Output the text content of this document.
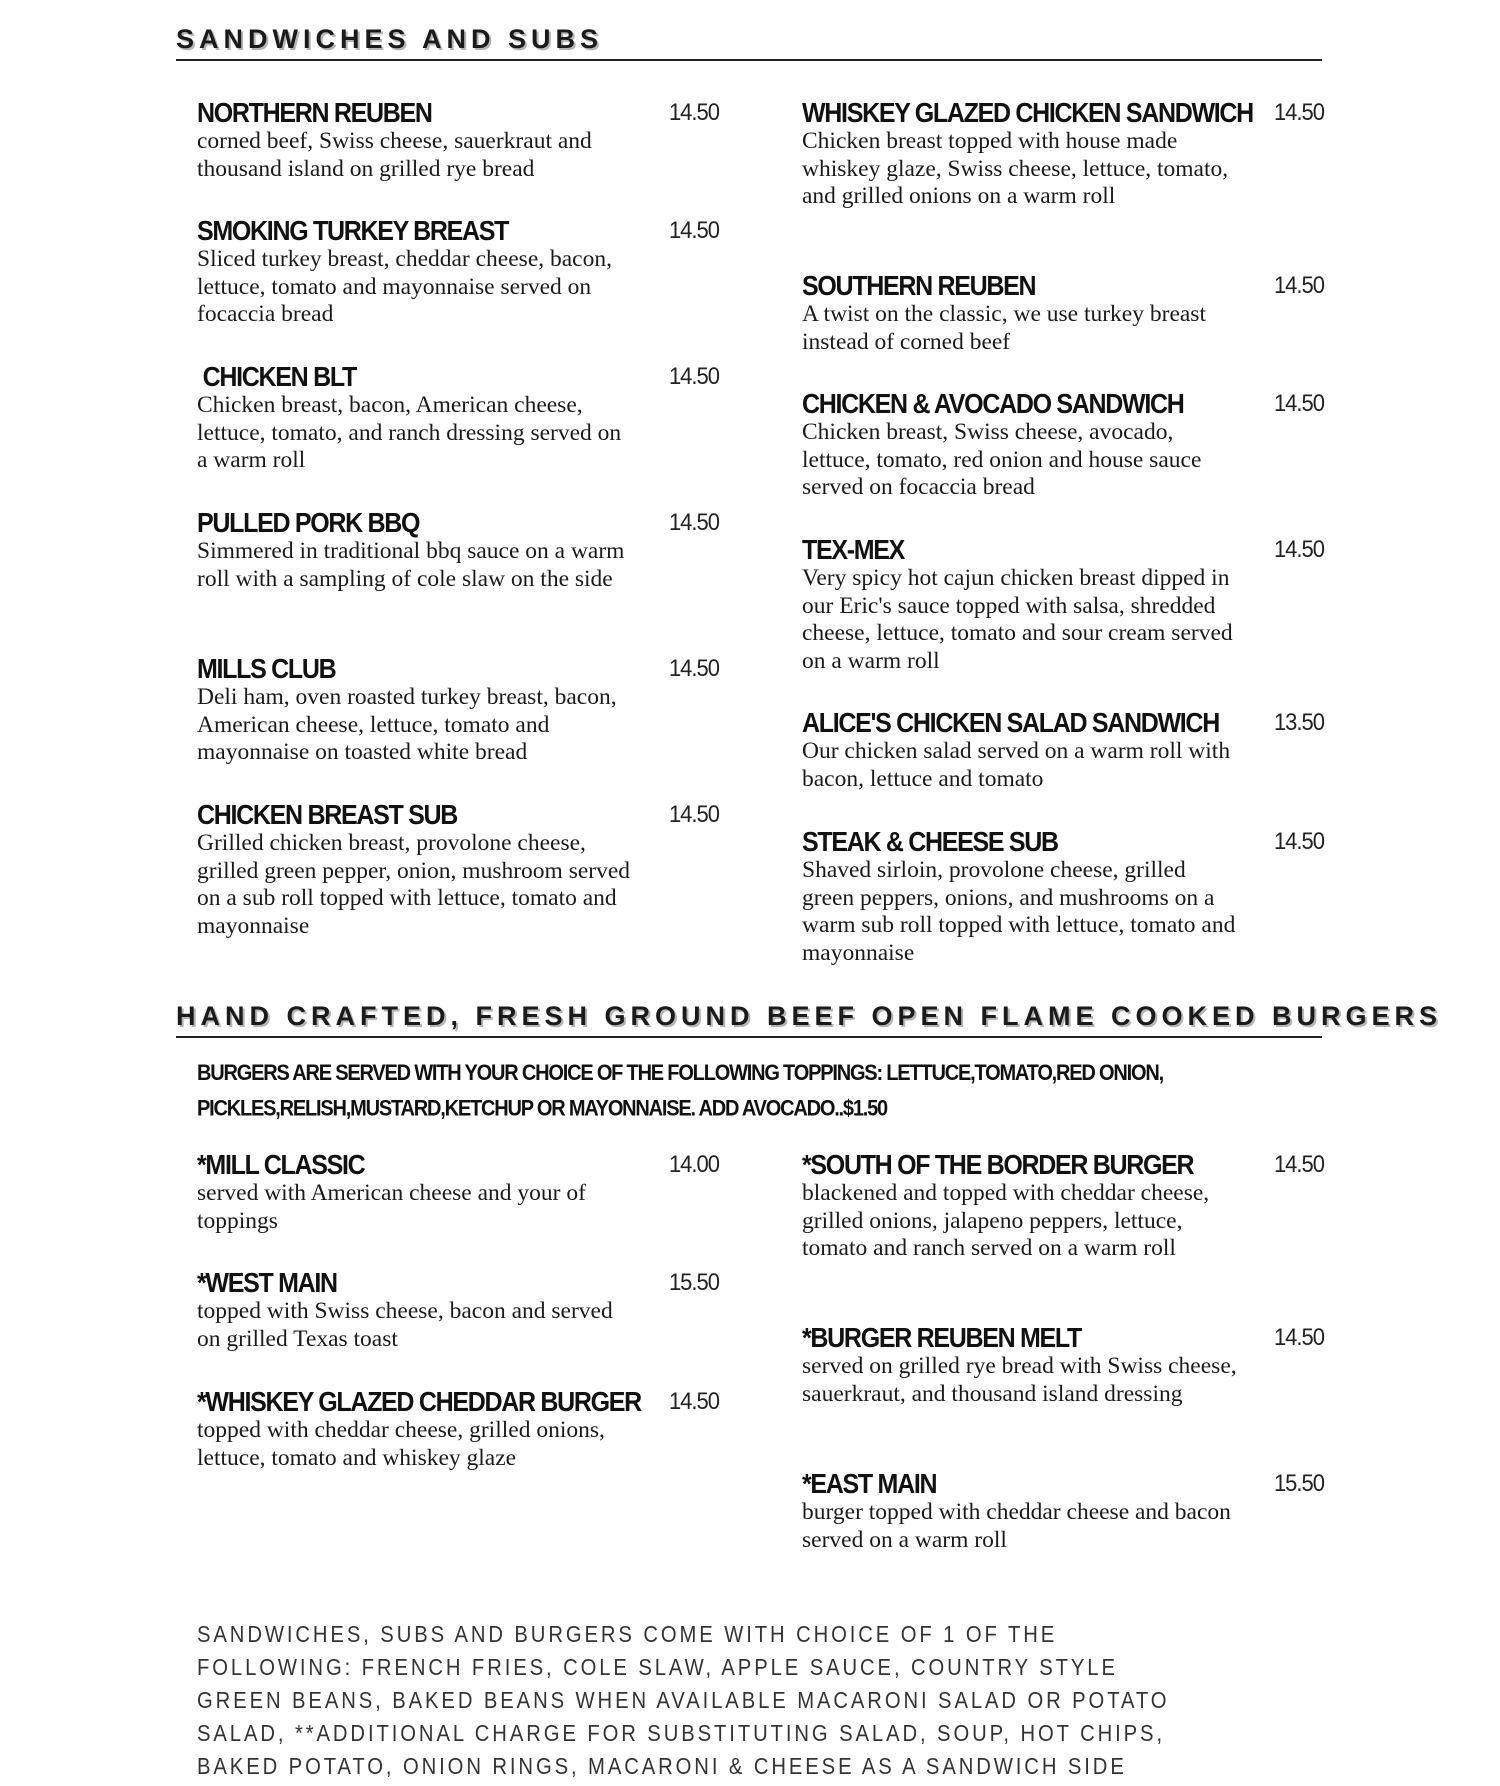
SANDWICHES AND SUBS
NORTHERN REUBEN	14.50
corned beef, Swiss cheese, sauerkraut and thousand island on grilled rye bread
SMOKING TURKEY BREAST	14.50
Sliced turkey breast, cheddar cheese, bacon, lettuce, tomato and mayonnaise served on focaccia bread
CHICKEN BLT	14.50
Chicken breast, bacon, American cheese, lettuce, tomato, and ranch dressing served on a warm roll
PULLED PORK BBQ	14.50
Simmered in traditional bbq sauce on a warm roll with a sampling of cole slaw on the side
MILLS CLUB	14.50
Deli ham, oven roasted turkey breast, bacon, American cheese, lettuce, tomato and mayonnaise on toasted white bread
CHICKEN BREAST SUB	14.50
Grilled chicken breast, provolone cheese, grilled green pepper, onion, mushroom served on a sub roll topped with lettuce, tomato and mayonnaise
WHISKEY GLAZED CHICKEN SANDWICH 14.50
Chicken breast topped with house made whiskey glaze, Swiss cheese, lettuce, tomato, and grilled onions on a warm roll
SOUTHERN REUBEN	14.50
A twist on the classic, we use turkey breast instead of corned beef
CHICKEN & AVOCADO SANDWICH	14.50
Chicken breast, Swiss cheese, avocado, lettuce, tomato, red onion and house sauce served on focaccia bread
TEX-MEX	14.50
Very spicy hot cajun chicken breast dipped in our Eric's sauce topped with salsa, shredded cheese, lettuce, tomato and sour cream served on a warm roll
ALICE'S CHICKEN SALAD SANDWICH	13.50
Our chicken salad served on a warm roll with bacon, lettuce and tomato
STEAK & CHEESE SUB	14.50
Shaved sirloin, provolone cheese, grilled green peppers, onions, and mushrooms on a warm sub roll topped with lettuce, tomato and mayonnaise
HAND CRAFTED, FRESH GROUND BEEF OPEN FLAME COOKED BURGERS
BURGERS ARE SERVED WITH YOUR CHOICE OF THE FOLLOWING TOPPINGS: LETTUCE,TOMATO,RED ONION, PICKLES,RELISH,MUSTARD,KETCHUP OR MAYONNAISE. ADD AVOCADO..$1.50
*MILL CLASSIC	14.00
served with American cheese and your of toppings
*WEST MAIN	15.50
topped with Swiss cheese, bacon and served on grilled Texas toast
*WHISKEY GLAZED CHEDDAR BURGER	14.50
topped with cheddar cheese, grilled onions, lettuce, tomato and whiskey glaze
*SOUTH OF THE BORDER BURGER	14.50
blackened and topped with cheddar cheese, grilled onions, jalapeno peppers, lettuce, tomato and ranch served on a warm roll
*BURGER REUBEN MELT	14.50
served on grilled rye bread with Swiss cheese, sauerkraut, and thousand island dressing
*EAST MAIN	15.50
burger topped with cheddar cheese and bacon served on a warm roll
SANDWICHES, SUBS AND BURGERS COME WITH CHOICE OF 1 OF THE FOLLOWING: FRENCH FRIES, COLE SLAW, APPLE SAUCE, COUNTRY STYLE GREEN BEANS, BAKED BEANS WHEN AVAILABLE MACARONI SALAD OR POTATO SALAD, **ADDITIONAL CHARGE FOR SUBSTITUTING SALAD, SOUP, HOT CHIPS, BAKED POTATO, ONION RINGS, MACARONI & CHEESE AS A SANDWICH SIDE
